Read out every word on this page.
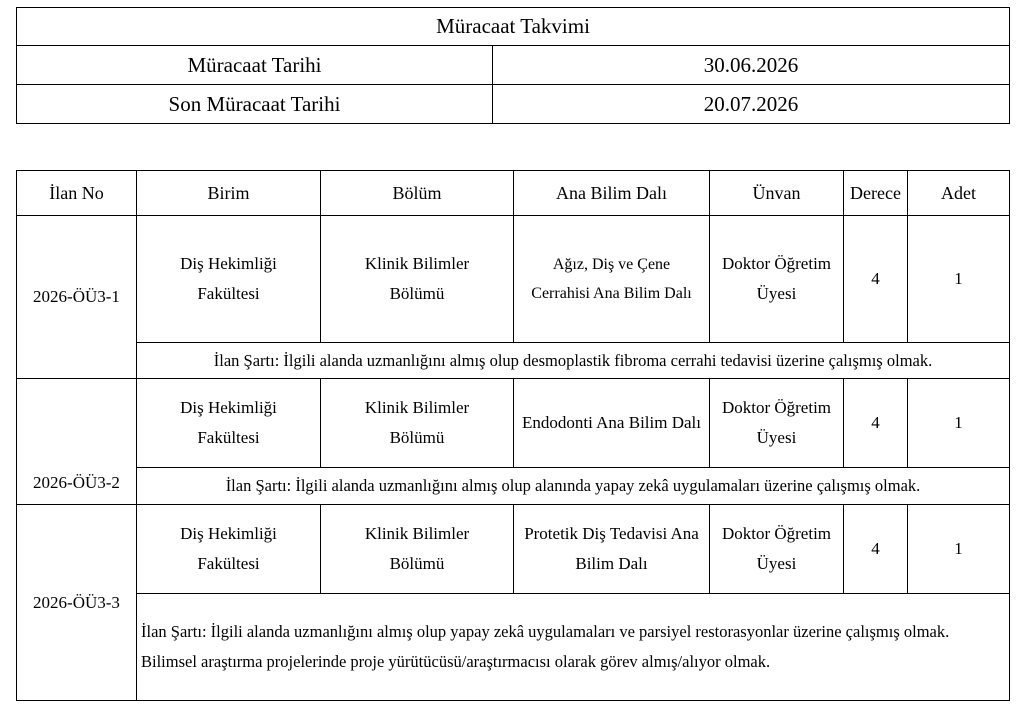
Müracaat Takvimi	
Müracaat Tarihi	30.06.2026
Son Müracaat Tarihi	20.07.2026
İlan No	Birim	Bölüm	Ana Bilim Dalı	Ünvan	Derece	Adet
2026-ÖÜ3-1	Diş Hekimliği Fakültesi	Klinik Bilimler Bölümü	Ağız, Diş ve Çene Cerrahisi Ana Bilim Dalı	Doktor Öğretim Üyesi	4	1
	İlan Şartı: İlgili alanda uzmanlığını almış olup desmoplastik fibroma cerrahi tedavisi üzerine çalışmış olmak.					
2026-ÖÜ3-2	Diş Hekimliği Fakültesi	Klinik Bilimler Bölümü	Endodonti Ana Bilim Dalı	Doktor Öğretim Üyesi	4	1
	İlan Şartı: İlgili alanda uzmanlığını almış olup alanında yapay zekâ uygulamaları üzerine çalışmış olmak.					
2026-ÖÜ3-3	Diş Hekimliği Fakültesi	Klinik Bilimler Bölümü	Protetik Diş Tedavisi Ana Bilim Dalı	Doktor Öğretim Üyesi	4	1
	İlan Şartı: İlgili alanda uzmanlığını almış olup yapay zekâ uygulamaları ve parsiyel restorasyonlar üzerine çalışmış olmak. Bilimsel araştırma projelerinde proje yürütücüsü/araştırmacısı olarak görev almış/alıyor olmak.					
